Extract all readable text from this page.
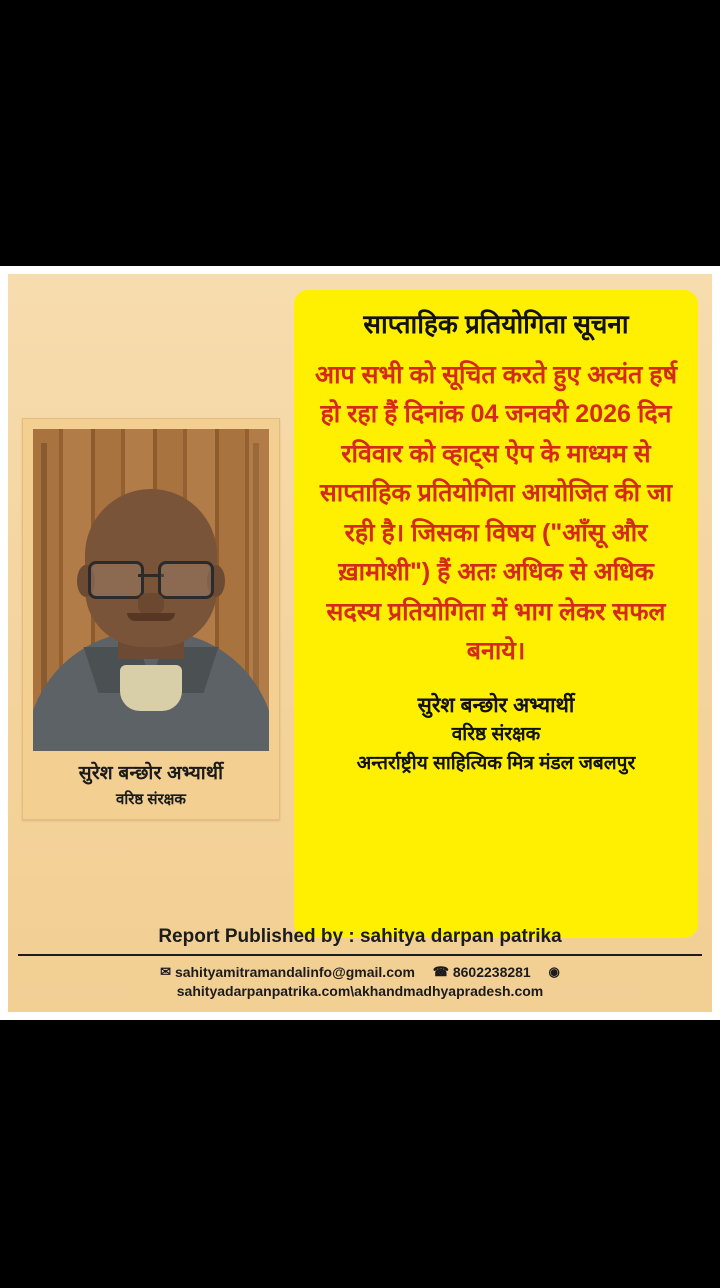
सुरेश बन्छोर अभ्यार्थी
वरिष्ठ संरक्षक
साप्ताहिक प्रतियोगिता सूचना
आप सभी को सूचित करते हुए अत्यंत हर्ष हो रहा हैं दिनांक 04 जनवरी 2026 दिन रविवार को व्हाट्स ऐप के माध्यम से साप्ताहिक प्रतियोगिता आयोजित की जा रही है। जिसका विषय ("आँसू और ख़ामोशी") हैं अतः अधिक से अधिक सदस्य प्रतियोगिता में भाग लेकर सफल बनाये।
सुरेश बन्छोर अभ्यार्थी
वरिष्ठ संरक्षक
अन्तर्राष्ट्रीय साहित्यिक मित्र मंडल जबलपुर
Report Published by : sahitya darpan patrika
✉ sahityamitramandalinfo@gmail.com ☎ 8602238281 ◉
sahityadarpanpatrika.com\akhandmadhyapradesh.com
